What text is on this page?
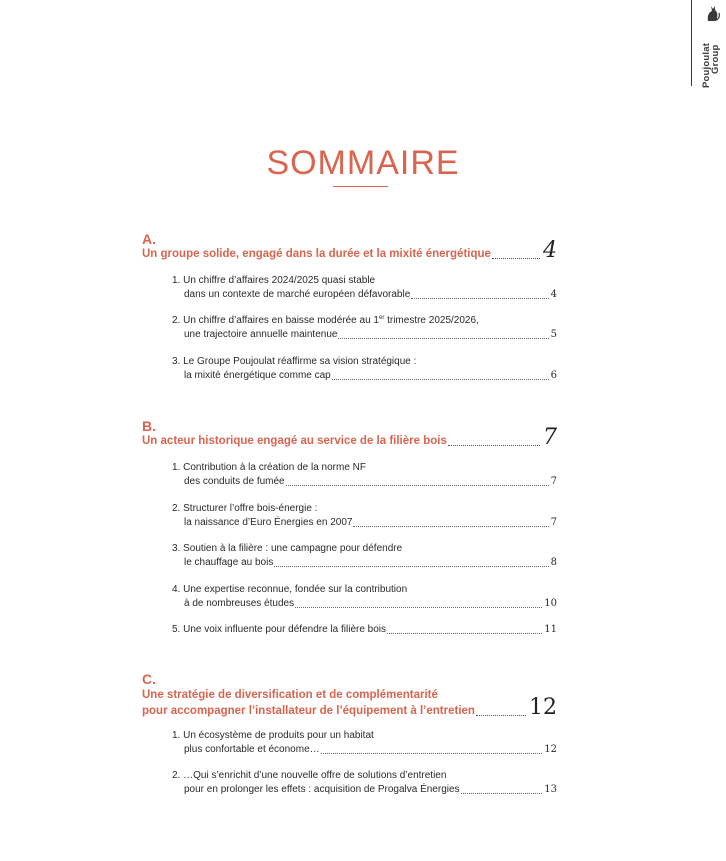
Poujoulat
Group
SOMMAIRE
A.
Un groupe solide, engagé dans la durée et la mixité énergétique 4
1. Un chiffre d’affaires 2024/2025 quasi stable
dans un contexte de marché européen défavorable	4
2. Un chiffre d’affaires en baisse modérée au 1er trimestre 2025/2026,
une trajectoire annuelle maintenue	5
3. Le Groupe Poujoulat réaffirme sa vision stratégique :
la mixité énergétique comme cap	6
B.
Un acteur historique engagé au service de la filière bois	7
1. Contribution à la création de la norme NF
des conduits de fumée	7
2. Structurer l’offre bois-énergie :
la naissance d’Euro Énergies en 2007	7
3. Soutien à la filière : une campagne pour défendre
le chauffage au bois	8
4. Une expertise reconnue, fondée sur la contribution
à de nombreuses études	10
5. Une voix influente pour défendre la filière bois	11
C.
Une stratégie de diversification et de complémentarité
pour accompagner l’installateur de l’équipement à l’entretien 12
1. Un écosystème de produits pour un habitat
plus confortable et économe…	12
2. …Qui s’enrichit d’une nouvelle offre de solutions d’entretien
pour en prolonger les effets : acquisition de Progalva Énergies	13
